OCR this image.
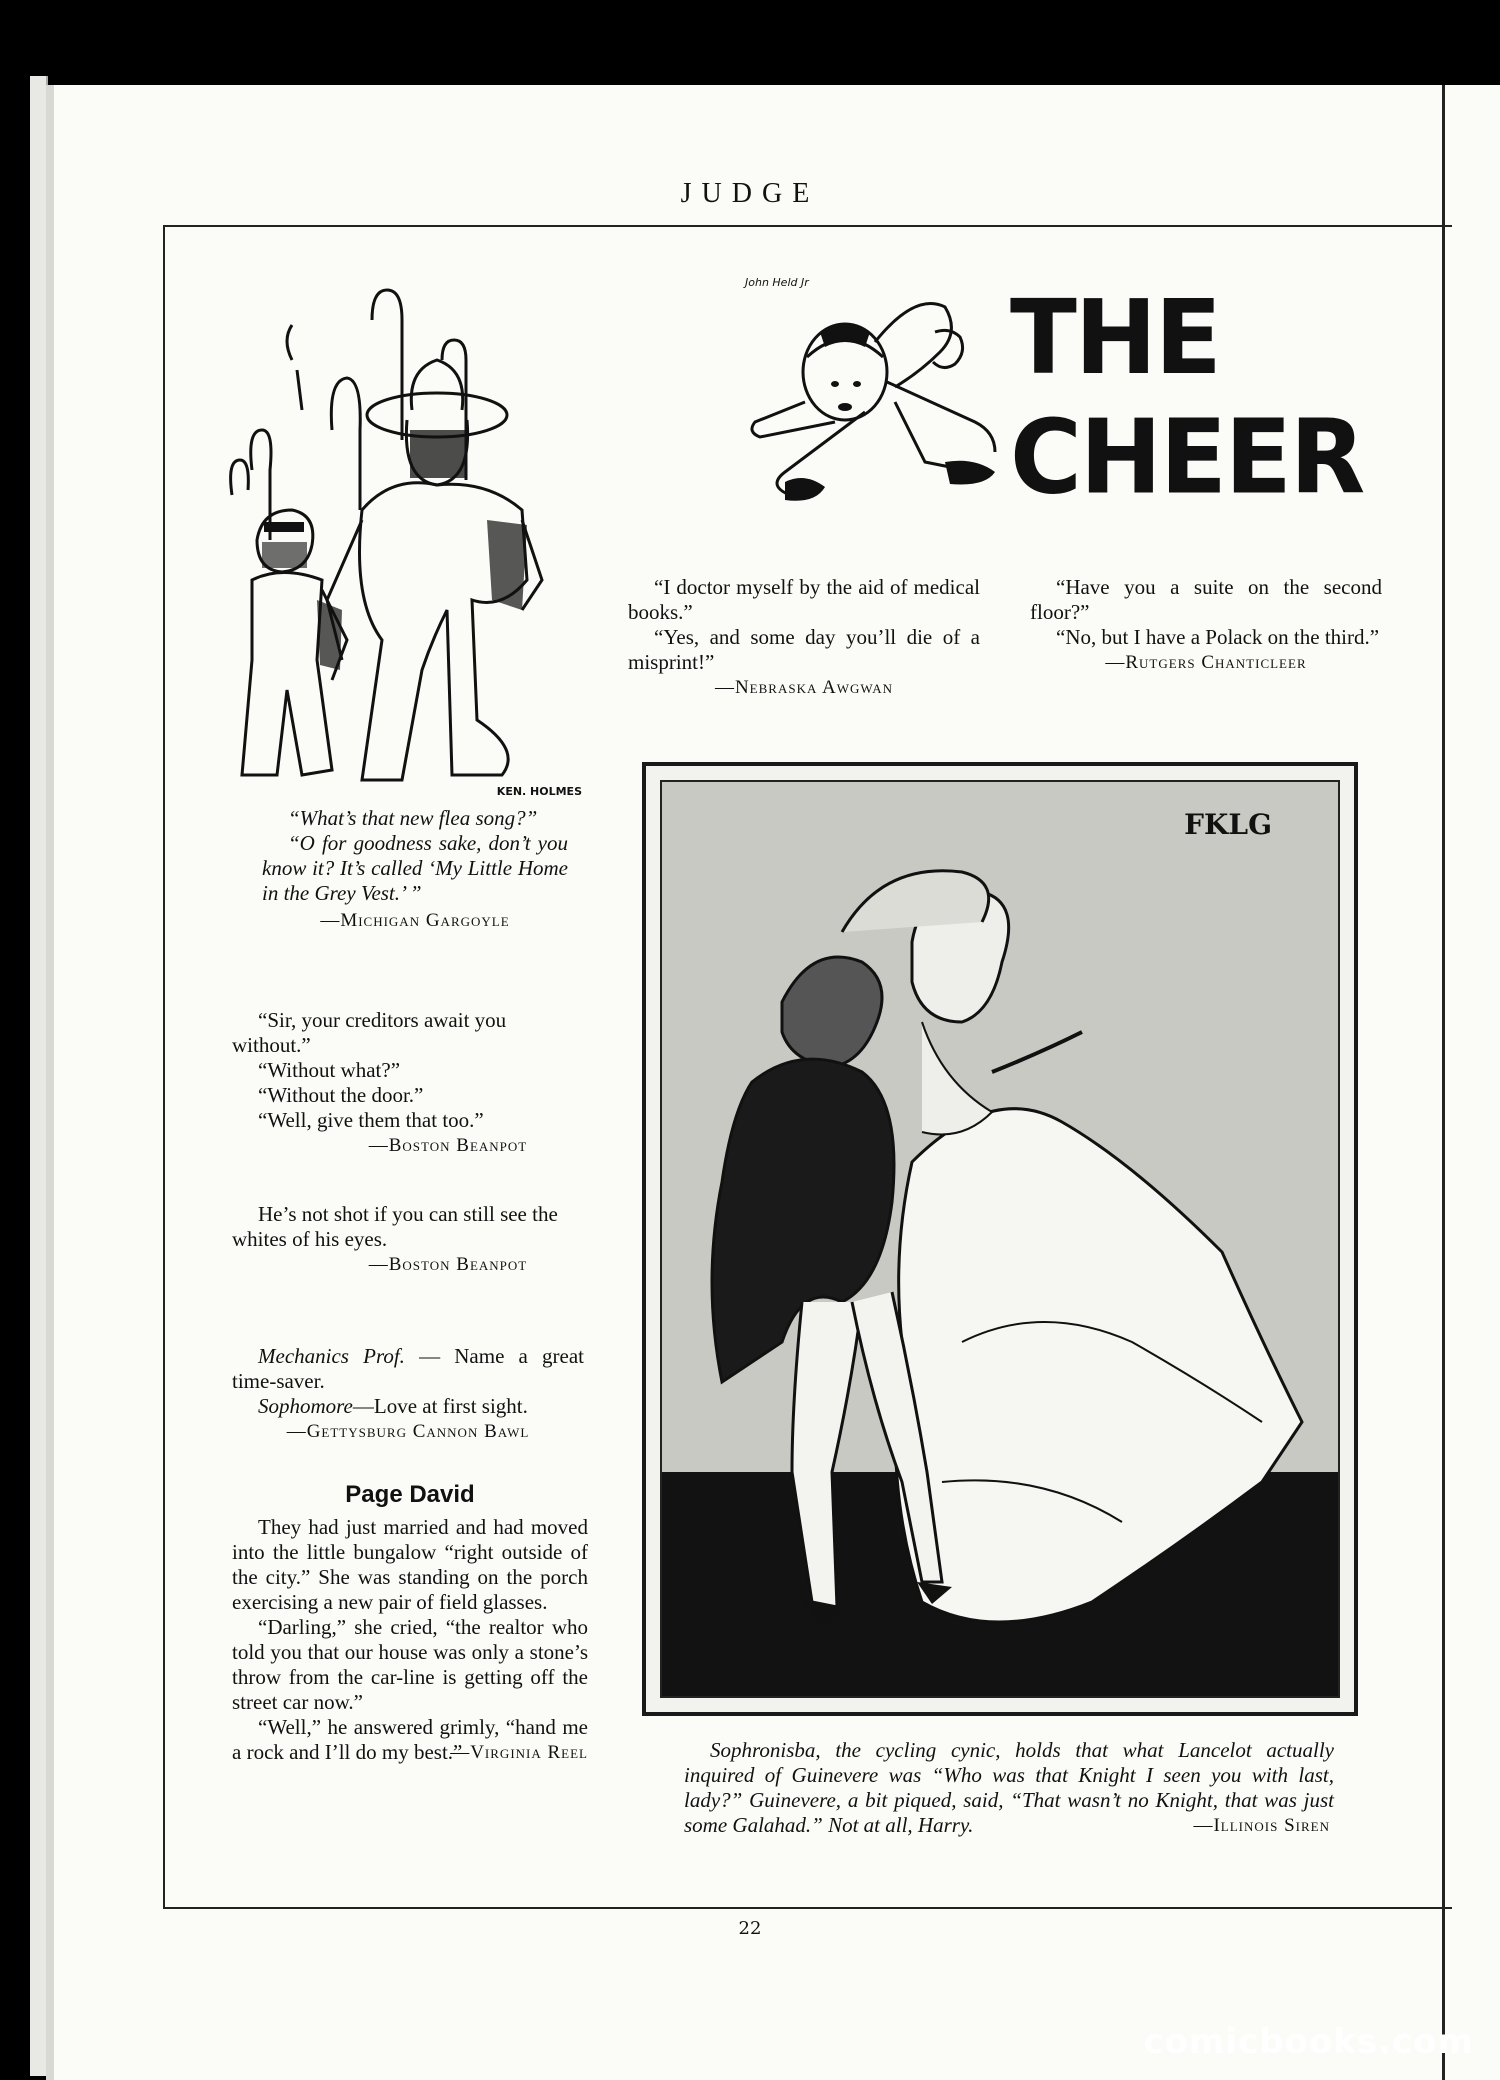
JUDGE
KEN. HOLMES

“What’s that new flea song?”

“O for goodness sake, don’t you know it? It’s called ‘My Little Home in the Grey Vest.’ ”

—Michigan Gargoyle

John Held Jr THE CHEER

“I doctor myself by the aid of medical books.”

“Yes, and some day you’ll die of a misprint!”

—Nebraska Awgwan

“Have you a suite on the second floor?”

“No, but I have a Polack on the third.”

—Rutgers Chanticleer

“Sir, your creditors await you without.”

“Without what?”

“Without the door.”

“Well, give them that too.”

—Boston Beanpot

He’s not shot if you can still see the whites of his eyes.

—Boston Beanpot

Mechanics Prof. — Name a great time-saver.

Sophomore—Love at first sight.

—Gettysburg Cannon Bawl

Page David

They had just married and had moved into the little bungalow “right outside of the city.” She was standing on the porch exercising a new pair of field glasses.

“Darling,” she cried, “the realtor who told you that our house was only a stone’s throw from the car-line is getting off the street car now.”

“Well,” he answered grimly, “hand me a rock and I’ll do my best.”

—Virginia Reel

FKLG

Sophronisba, the cycling cynic, holds that what Lancelot actually inquired of Guinevere was “Who was that Knight I seen you with last, lady?” Guinevere, a bit piqued, said, “That wasn’t no Knight, that was just some Galahad.” Not at all, Harry.	—Illinois Siren

22
comicbooks.com
